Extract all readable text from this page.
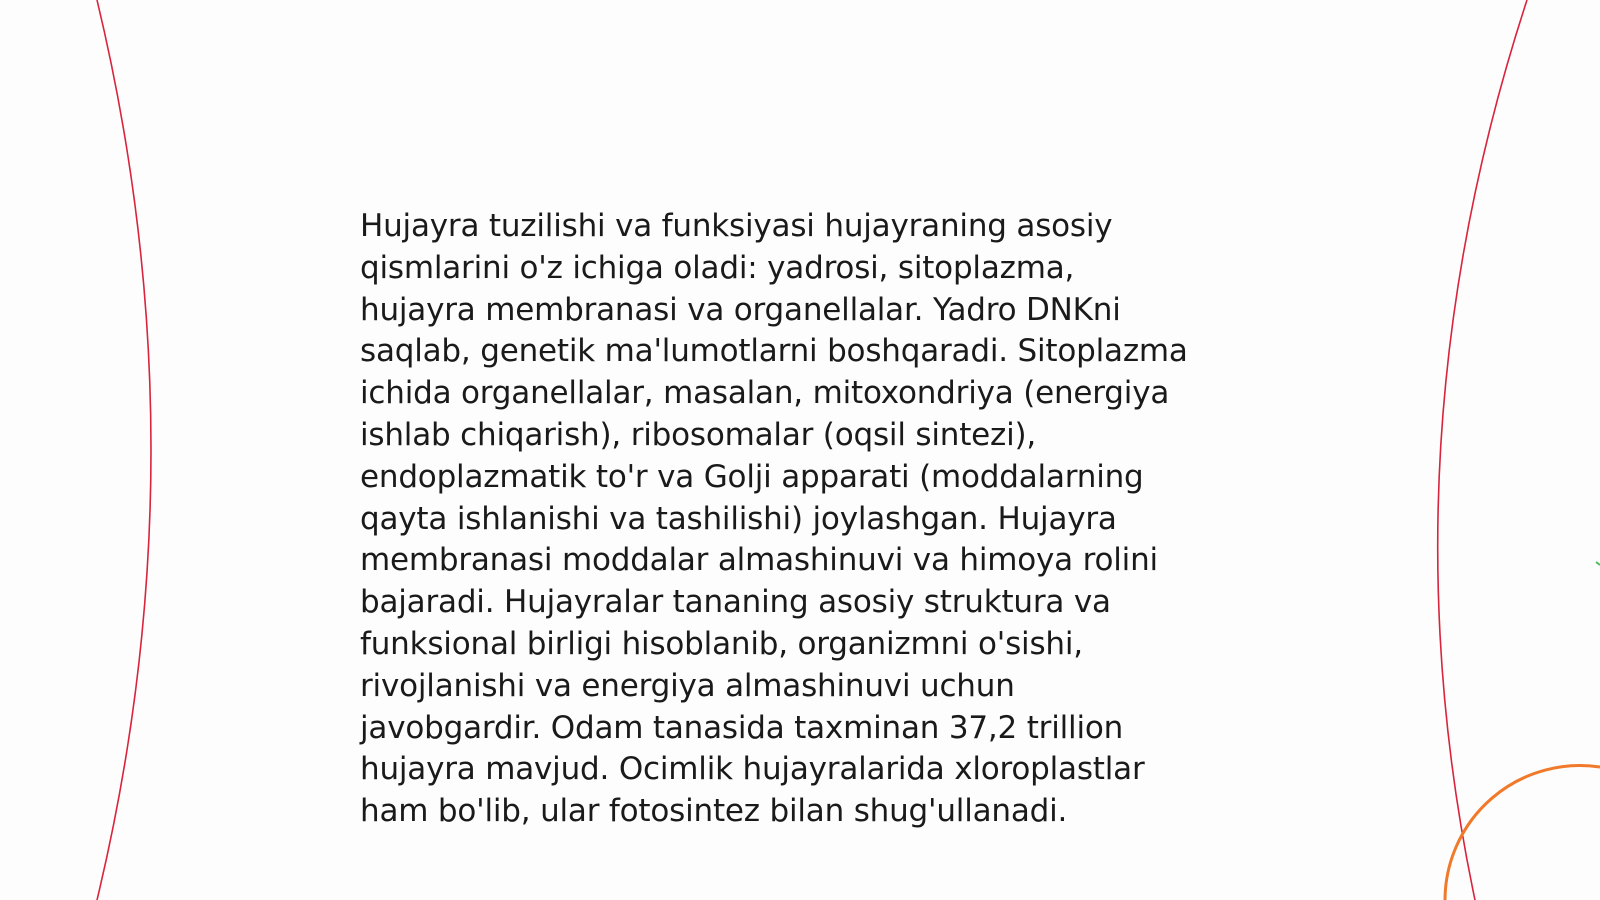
Hujayra tuzilishi va funksiyasi hujayraning asosiy
qismlarini o'z ichiga oladi: yadrosi, sitoplazma,
hujayra membranasi va organellalar. Yadro DNKni
saqlab, genetik ma'lumotlarni boshqaradi. Sitoplazma
ichida organellalar, masalan, mitoxondriya (energiya
ishlab chiqarish), ribosomalar (oqsil sintezi),
endoplazmatik to'r va Golji apparati (moddalarning
qayta ishlanishi va tashilishi) joylashgan. Hujayra
membranasi moddalar almashinuvi va himoya rolini
bajaradi. Hujayralar tananing asosiy struktura va
funksional birligi hisoblanib, organizmni o'sishi,
rivojlanishi va energiya almashinuvi uchun
javobgardir. Odam tanasida taxminan 37,2 trillion
hujayra mavjud. Ocimlik hujayralarida xloroplastlar
ham bo'lib, ular fotosintez bilan shug'ullanadi.
